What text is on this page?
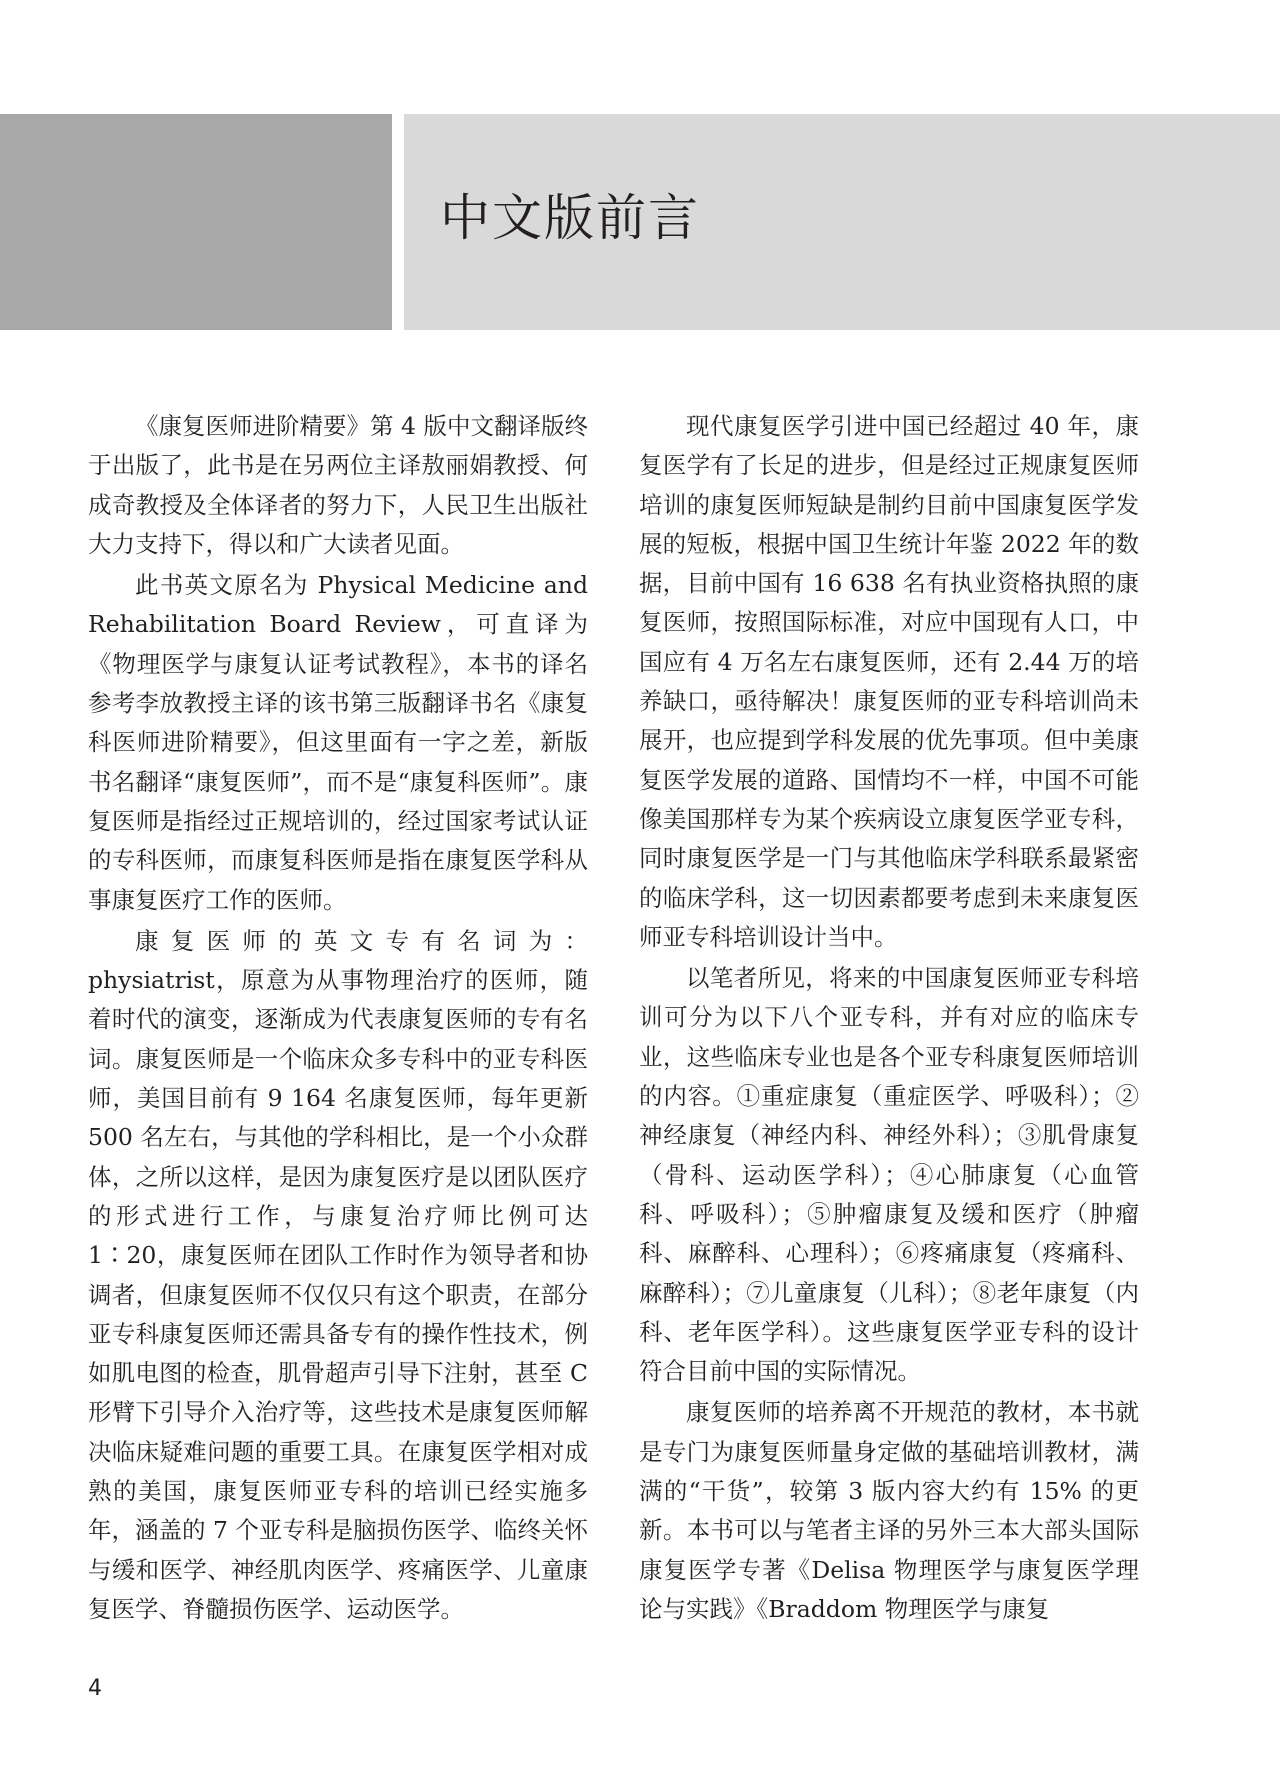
中文版前言

《康复医师进阶精要》第 4 版中文翻译版终于出版了，此书是在另两位主译敖丽娟教授、何成奇教授及全体译者的努力下，人民卫生出版社大力支持下，得以和广大读者见面。

此书英文原名为 Physical Medicine and Rehabilitation Board Review，可直译为《物理医学与康复认证考试教程》，本书的译名参考李放教授主译的该书第三版翻译书名《康复科医师进阶精要》，但这里面有一字之差，新版书名翻译“康复医师”，而不是“康复科医师”。康复医师是指经过正规培训的，经过国家考试认证的专科医师，而康复科医师是指在康复医学科从事康复医疗工作的医师。

康复医师的英文专有名词为：physiatrist，原意为从事物理治疗的医师，随着时代的演变，逐渐成为代表康复医师的专有名词。康复医师是一个临床众多专科中的亚专科医师，美国目前有 9 164 名康复医师，每年更新 500 名左右，与其他的学科相比，是一个小众群体，之所以这样，是因为康复医疗是以团队医疗的形式进行工作，与康复治疗师比例可达 1∶20，康复医师在团队工作时作为领导者和协调者，但康复医师不仅仅只有这个职责，在部分亚专科康复医师还需具备专有的操作性技术，例如肌电图的检查，肌骨超声引导下注射，甚至 C 形臂下引导介入治疗等，这些技术是康复医师解决临床疑难问题的重要工具。在康复医学相对成熟的美国，康复医师亚专科的培训已经实施多年，涵盖的 7 个亚专科是脑损伤医学、临终关怀与缓和医学、神经肌肉医学、疼痛医学、儿童康复医学、脊髓损伤医学、运动医学。

现代康复医学引进中国已经超过 40 年，康复医学有了长足的进步，但是经过正规康复医师培训的康复医师短缺是制约目前中国康复医学发展的短板，根据中国卫生统计年鉴 2022 年的数据，目前中国有 16 638 名有执业资格执照的康复医师，按照国际标准，对应中国现有人口，中国应有 4 万名左右康复医师，还有 2.44 万的培养缺口，亟待解决！康复医师的亚专科培训尚未展开，也应提到学科发展的优先事项。但中美康复医学发展的道路、国情均不一样，中国不可能像美国那样专为某个疾病设立康复医学亚专科，同时康复医学是一门与其他临床学科联系最紧密的临床学科，这一切因素都要考虑到未来康复医师亚专科培训设计当中。

以笔者所见，将来的中国康复医师亚专科培训可分为以下八个亚专科，并有对应的临床专业，这些临床专业也是各个亚专科康复医师培训的内容。①重症康复（重症医学、呼吸科）；②神经康复（神经内科、神经外科）；③肌骨康复（骨科、运动医学科）；④心肺康复（心血管科、呼吸科）；⑤肿瘤康复及缓和医疗（肿瘤科、麻醉科、心理科）；⑥疼痛康复（疼痛科、麻醉科）；⑦儿童康复（儿科）；⑧老年康复（内科、老年医学科）。这些康复医学亚专科的设计符合目前中国的实际情况。

康复医师的培养离不开规范的教材，本书就是专门为康复医师量身定做的基础培训教材，满满的“干货”，较第 3 版内容大约有 15% 的更新。本书可以与笔者主译的另外三本大部头国际康复医学专著《Delisa 物理医学与康复医学理论与实践》《Braddom 物理医学与康复

4
